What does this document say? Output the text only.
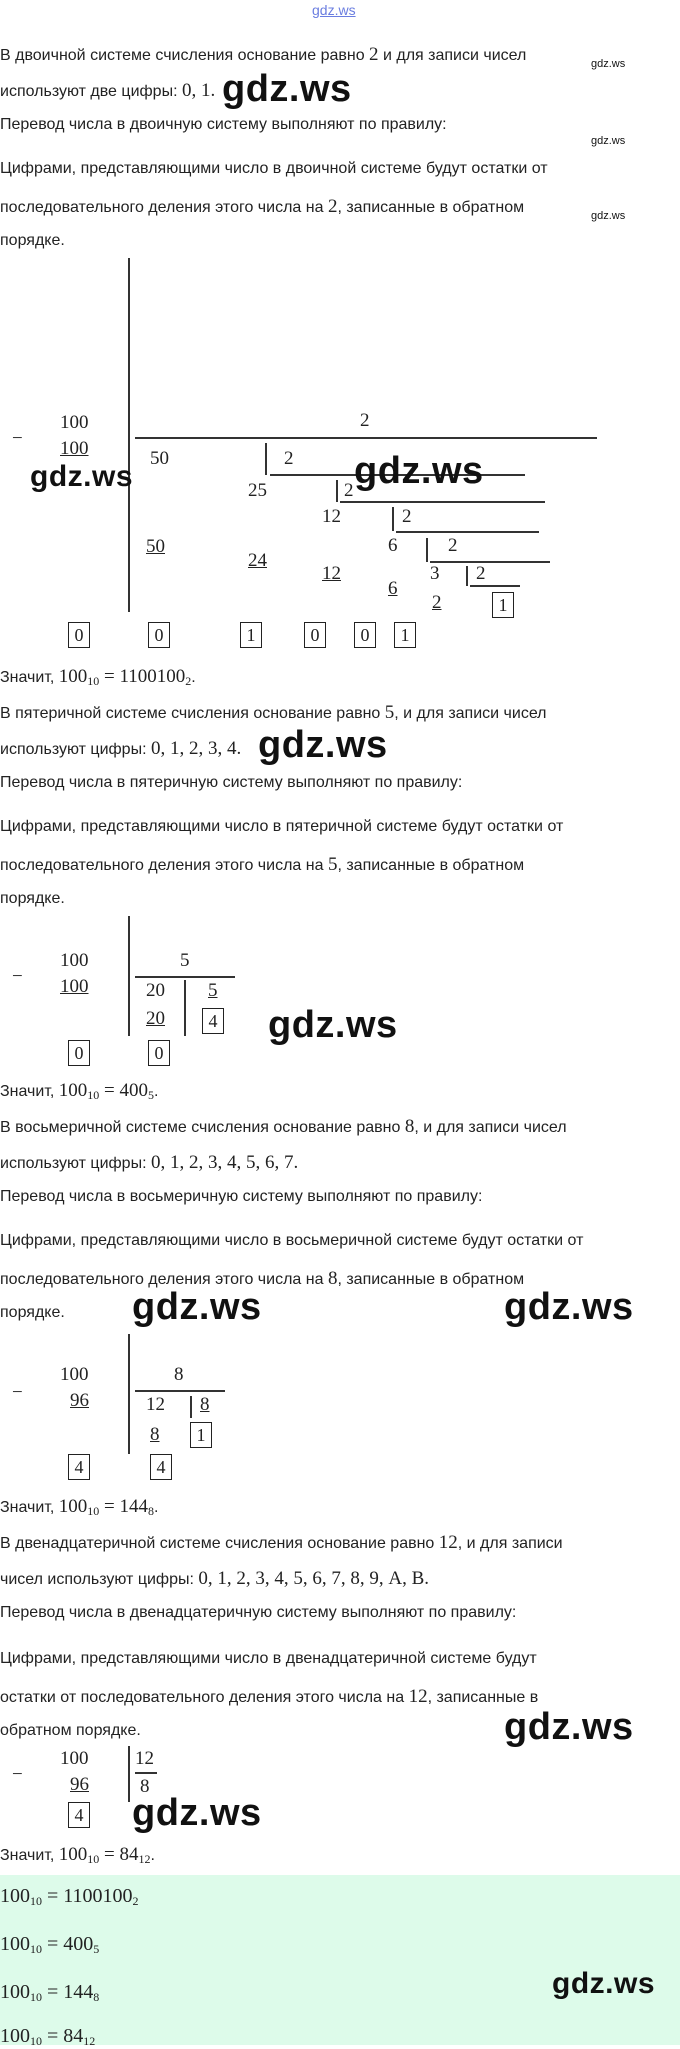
gdz.ws
gdz.ws
gdz.ws
gdz.ws
gdz.ws
В двоичной системе счисления основание равно 2 и для записи чисел
используют две цифры: 0, 1.
Перевод числа в двоичную систему выполняют по правилу:
Цифрами, представляющими число в двоичной системе будут остатки от
последовательного деления этого числа на 2, записанные в обратном
порядке.
−
100
100
2
50	2
50
25	2
24
12	2
12
6	2
6
3 2
2	1
0	0	1	0	0	1
gdz.ws	gdz.ws
Значит, $100_{10} = 1100100_2$.
В пятеричной системе счисления основание равно 5, и для записи чисел
используют цифры: 0, 1, 2, 3, 4. gdz.ws
Перевод числа в пятеричную систему выполняют по правилу:
Цифрами, представляющими число в пятеричной системе будут остатки от
последовательного деления этого числа на 5, записанные в обратном
порядке.
−
100
100
5
20 5
20	4
0	0
gdz.ws
Значит, $100_{10} = 400_5$.
В восьмеричной системе счисления основание равно 8, и для записи чисел
используют цифры: 0, 1, 2, 3, 4, 5, 6, 7.
Перевод числа в восьмеричную систему выполняют по правилу:
Цифрами, представляющими число в восьмеричной системе будут остатки от
последовательного деления этого числа на 8, записанные в обратном
порядке. gdz.ws	gdz.ws
−
100
96
8
12 8
8	1
4	4
Значит, $100_{10} = 144_8$.
В двенадцатеричной системе счисления основание равно 12, и для записи
чисел используют цифры: 0, 1, 2, 3, 4, 5, 6, 7, 8, 9, A, B.
Перевод числа в двенадцатеричную систему выполняют по правилу:
Цифрами, представляющими число в двенадцатеричной системе будут
остатки от последовательного деления этого числа на 12, записанные в
обратном порядке.	gdz.ws
−
100
96
12
8
4 gdz.ws
Значит, $100_{10} = 84_{12}$.
$100_{10} = 1100100_2$
$100_{10} = 400_5$
$100_{10} = 144_8$
$100_{10} = 84_{12}$
gdz.ws
